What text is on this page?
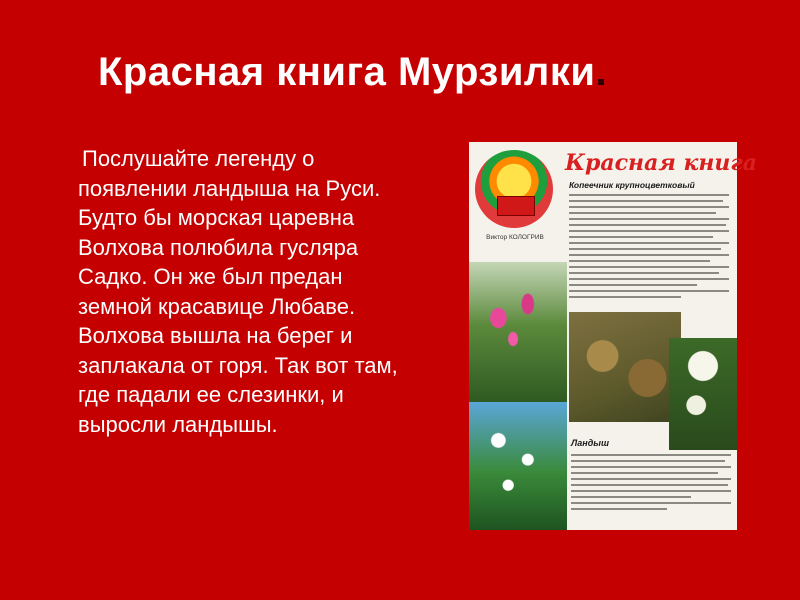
Красная книга Мурзилки.
Послушайте легенду о появлении ландыша на Руси. Будто бы морская царевна Волхова полюбила гусляра Садко. Он же был предан земной красавице Любаве. Волхова вышла на берег и заплакала от горя. Так вот там, где падали ее слезинки, и выросли ландышы.
Виктор КОЛОГРИВ
Красная книга
Копеечник крупноцветковый
Ландыш
